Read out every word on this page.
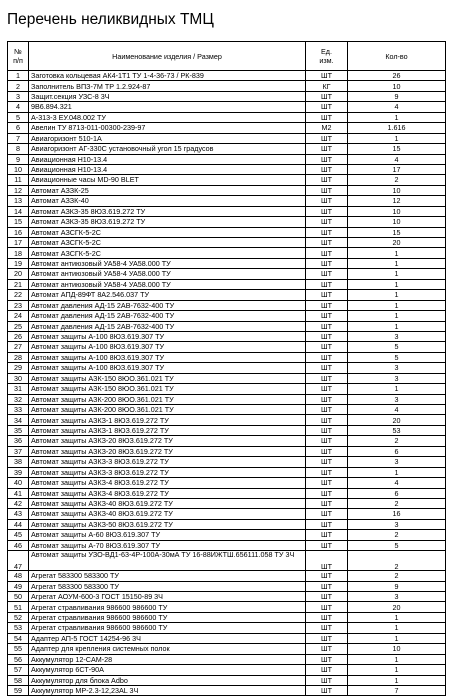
Перечень неликвидных ТМЦ
№
п/п	Наименование изделия / Размер	Ед.
изм.	Кол-во
1	Заготовка кольцевая АК4-1Т1 ТУ 1-4-36-73 / РК-839	ШТ	26
2	Заполнитель ВПЗ-7М ТР 1.2.924-87	КГ	10
3	Защит.секция УЗС-8 3Ч	ШТ	9
4	9В6.894.321	ШТ	4
5	А-313-3 ЕУ.048.002 ТУ	ШТ	1
6	Авелин ТУ 8713-011-00300-239-97	М2	1.616
7	Авиагоризонт 510-1А	ШТ	1
8	Авиагоризонт АГ-330С установочный угол 15 градусов	ШТ	15
9	Авиационная Н10-13.4	ШТ	4
10	Авиационная Н10-13.4	ШТ	17
11	Авиационные часы МD-90 BLET	ШТ	2
12	Автомат АЗЗК-25	ШТ	10
13	Автомат АЗЗК-40	ШТ	12
14	Автомат АЗКЗ-35 8ЮЗ.619.272 ТУ	ШТ	10
15	Автомат АЗКЗ-35 8ЮЗ.619.272 ТУ	ШТ	10
16	Автомат АЗСГК-5-2С	ШТ	15
17	Автомат АЗСГК-5-2С	ШТ	20
18	Автомат АЗСГК-5-2С	ШТ	1
19	Автомат антиюзовый УА58-4 УА58.000 ТУ	ШТ	1
20	Автомат антиюзовый УА58-4 УА58.000 ТУ	ШТ	1
21	Автомат антиюзовый УА58-4 УА58.000 ТУ	ШТ	1
22	Автомат АПД-89ФТ 8А2.546.037 ТУ	ШТ	1
23	Автомат давления АД-15 2АВ-7632-400 ТУ	ШТ	1
24	Автомат давления АД-15 2АВ-7632-400 ТУ	ШТ	1
25	Автомат давления АД-15 2АВ-7632-400 ТУ	ШТ	1
26	Автомат защиты А-100 8ЮЗ.619.307 ТУ	ШТ	3
27	Автомат защиты А-100 8ЮЗ.619.307 ТУ	ШТ	5
28	Автомат защиты А-100 8ЮЗ.619.307 ТУ	ШТ	5
29	Автомат защиты А-100 8ЮЗ.619.307 ТУ	ШТ	3
30	Автомат защиты АЗК-150 8ЮО.361.021 ТУ	ШТ	3
31	Автомат защиты АЗК-150 8ЮО.361.021 ТУ	ШТ	1
32	Автомат защиты АЗК-200 8ЮО.361.021 ТУ	ШТ	3
33	Автомат защиты АЗК-200 8ЮО.361.021 ТУ	ШТ	4
34	Автомат защиты АЗКЗ-1 8ЮЗ.619.272 ТУ	ШТ	20
35	Автомат защиты АЗКЗ-1 8ЮЗ.619.272 ТУ	ШТ	53
36	Автомат защиты АЗКЗ-20 8ЮЗ.619.272 ТУ	ШТ	2
37	Автомат защиты АЗКЗ-20 8ЮЗ.619.272 ТУ	ШТ	6
38	Автомат защиты АЗКЗ-3 8ЮЗ.619.272 ТУ	ШТ	3
39	Автомат защиты АЗКЗ-3 8ЮЗ.619.272 ТУ	ШТ	1
40	Автомат защиты АЗКЗ-4 8ЮЗ.619.272 ТУ	ШТ	4
41	Автомат защиты АЗКЗ-4 8ЮЗ.619.272 ТУ	ШТ	6
42	Автомат защиты АЗКЗ-40 8ЮЗ.619.272 ТУ	ШТ	2
43	Автомат защиты АЗКЗ-40 8ЮЗ.619.272 ТУ	ШТ	16
44	Автомат защиты АЗКЗ-50 8ЮЗ.619.272 ТУ	ШТ	3
45	Автомат защиты А-60 8ЮЗ.619.307 ТУ	ШТ	2
46	Автомат защиты А-70 8ЮЗ.619.307 ТУ	ШТ	5
47	Автомат защиты УЗО-ВД1-63-4Р-100А-30мА ТУ 16-88ИЖТШ.656111.058 ТУ 3Ч	ШТ	2
48	Агрегат 583300 583300 ТУ	ШТ	2
49	Агрегат 583300 583300 ТУ	ШТ	9
50	Агрегат АОУМ-600-3 ГОСТ 15150-89 3Ч	ШТ	3
51	Агрегат стравливания 986600 986600 ТУ	ШТ	20
52	Агрегат стравливания 986600 986600 ТУ	ШТ	1
53	Агрегат стравливания 986600 986600 ТУ	ШТ	1
54	Адаптер АП-5 ГОСТ 14254-96 3Ч	ШТ	1
55	Адаптер для крепления системных полок	ШТ	10
56	Аккумулятор 12-CAM-28	ШТ	1
57	Аккумулятор 6СТ-90А	ШТ	1
58	Аккумулятор для блока Adbo	ШТ	1
59	Аккумулятор МР-2.3-12,23AL 3Ч	ШТ	7
